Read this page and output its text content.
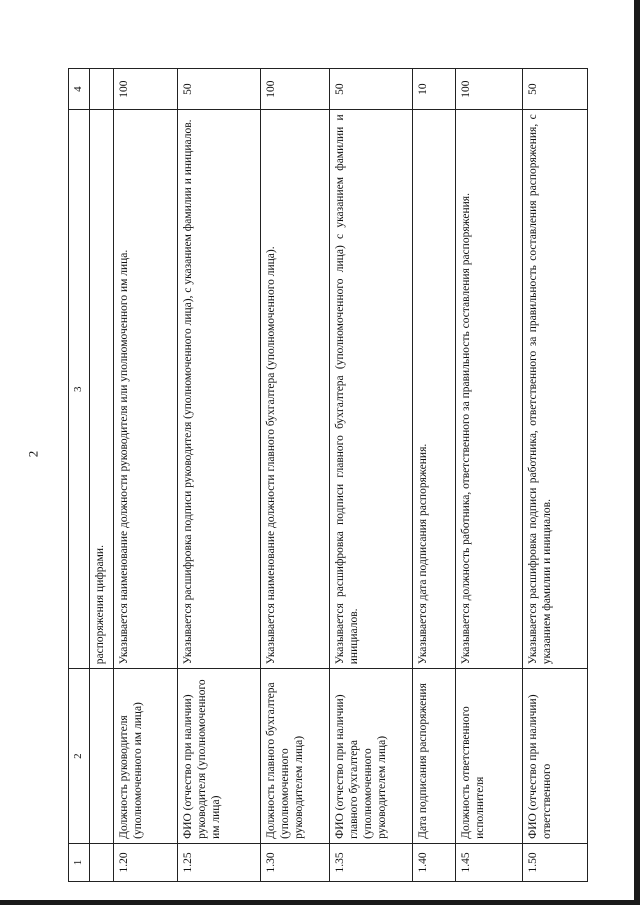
2
1	2	3	4
		распоряжения цифрами.	
1.20	Должность руководителя (уполномоченного им лица)	Указывается наименование должности руководителя или уполномоченного им лица.	100
1.25	ФИО (отчество при наличии) руководителя (уполномоченного им лица)	Указывается расшифровка подписи руководителя (уполномоченного лица), с указанием фамилии и инициалов.	50
1.30	Должность главного бухгалтера (уполномоченного руководителем лица)	Указывается наименование должности главного бухгалтера (уполномоченного лица).	100
1.35	ФИО (отчество при наличии) главного бухгалтера (уполномоченного руководителем лица)	Указывается расшифровка подписи главного бухгалтера (уполномоченного лица) с указанием фамилии и инициалов.	50
1.40	Дата подписания распоряжения	Указывается дата подписания распоряжения.	10
1.45	Должность ответственного исполнителя	Указывается должность работника, ответственного за правильность составления распоряжения.	100
1.50	ФИО (отчество при наличии) ответственного	Указывается расшифровка подписи работника, ответственного за правильность составления распоряжения, с указанием фамилии и инициалов.	50
